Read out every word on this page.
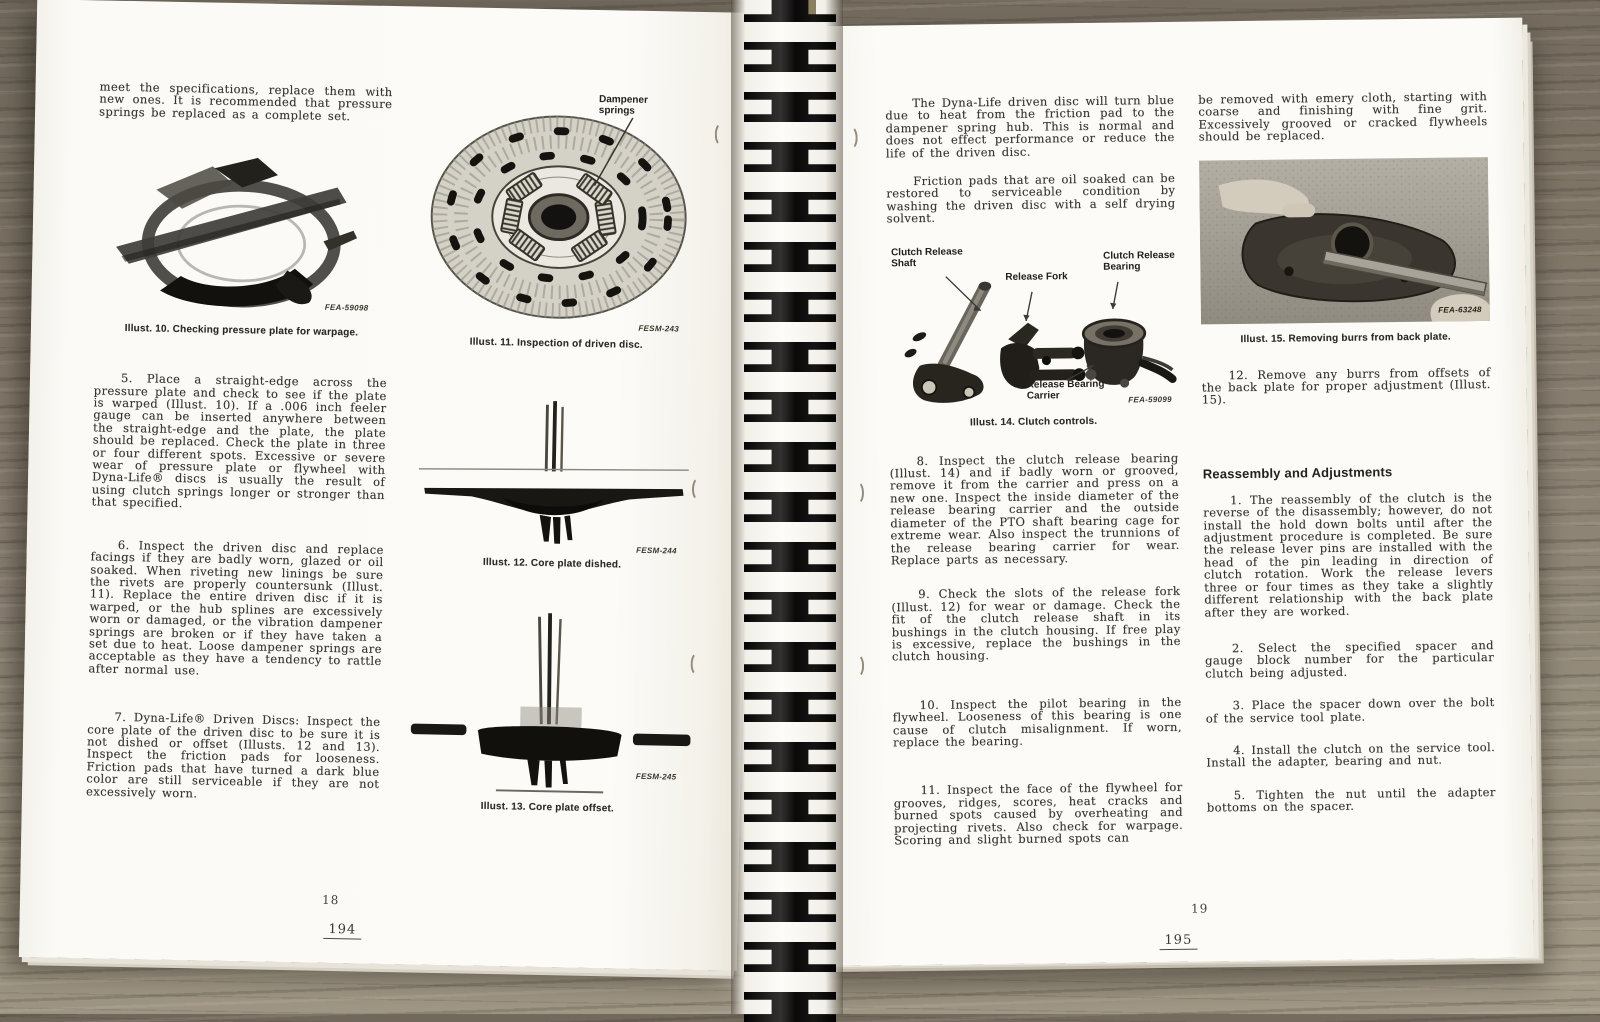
meet the specifications, replace them with new ones. It is recommended that pressure springs be replaced as a complete set.

FEA-59098
Illust. 10. Checking pressure plate for warpage.

5. Place a straight-edge across the pressure plate and check to see if the plate is warped (Illust. 10). If a .006 inch feeler gauge can be inserted anywhere between the straight-edge and the plate, the plate should be replaced. Check the plate in three or four different spots. Excessive or severe wear of pressure plate or flywheel with Dyna-Life® discs is usually the result of using clutch springs longer or stronger than that specified.

6. Inspect the driven disc and replace facings if they are badly worn, glazed or oil soaked. When riveting new linings be sure the rivets are properly countersunk (Illust. 11). Replace the entire driven disc if it is warped, or the hub splines are excessively worn or damaged, or the vibration dampener springs are broken or if they have taken a set due to heat. Loose dampener springs are acceptable as they have a tendency to rattle after normal use.

7. Dyna-Life® Driven Discs: Inspect the core plate of the driven disc to be sure it is not dished or offset (Illusts. 12 and 13). Inspect the friction pads for looseness. Friction pads that have turned a dark blue color are still serviceable if they are not excessively worn.

Dampener springs
FESM-243
Illust. 11. Inspection of driven disc.
FESM-244
Illust. 12. Core plate dished.
FESM-245
Illust. 13. Core plate offset.
18
194

The Dyna-Life driven disc will turn blue due to heat from the friction pad to the dampener spring hub. This is normal and does not effect performance or reduce the life of the driven disc.

Friction pads that are oil soaked can be restored to serviceable condition by washing the driven disc with a self drying solvent.

Clutch Release Shaft
Release Fork
Clutch Release Bearing
Release Bearing Carrier	FEA-59099
Illust. 14. Clutch controls.

8. Inspect the clutch release bearing (Illust. 14) and if badly worn or grooved, remove it from the carrier and press on a new one. Inspect the inside diameter of the release bearing carrier and the outside diameter of the PTO shaft bearing cage for extreme wear. Also inspect the trunnions of the release bearing carrier for wear. Replace parts as necessary.

9. Check the slots of the release fork (Illust. 12) for wear or damage. Check the fit of the clutch release shaft in its bushings in the clutch housing. If free play is excessive, replace the bushings in the clutch housing.

10. Inspect the pilot bearing in the flywheel. Looseness of this bearing is one cause of clutch misalignment. If worn, replace the bearing.

11. Inspect the face of the flywheel for grooves, ridges, scores, heat cracks and burned spots caused by overheating and projecting rivets. Also check for warpage. Scoring and slight burned spots can

be removed with emery cloth, starting with coarse and finishing with fine grit. Excessively grooved or cracked flywheels should be replaced.

FEA-63248
Illust. 15. Removing burrs from back plate.

12. Remove any burrs from offsets of the back plate for proper adjustment (Illust. 15).

Reassembly and Adjustments

1. The reassembly of the clutch is the reverse of the disassembly; however, do not install the hold down bolts until after the adjustment procedure is completed. Be sure the release lever pins are installed with the head of the pin leading in direction of clutch rotation. Work the release levers three or four times as they take a slightly different relationship with the back plate after they are worked.

2. Select the specified spacer and gauge block number for the particular clutch being adjusted.

3. Place the spacer down over the bolt of the service tool plate.

4. Install the clutch on the service tool. Install the adapter, bearing and nut.

5. Tighten the nut until the adapter bottoms on the spacer.

19
195
